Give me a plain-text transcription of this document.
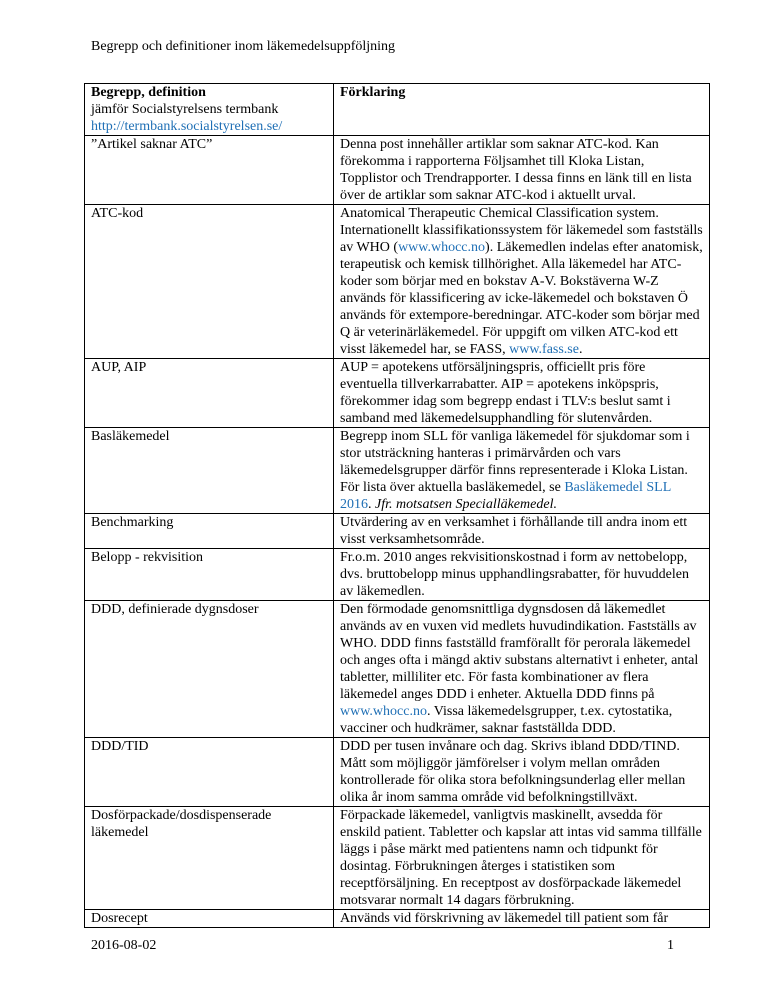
Begrepp och definitioner inom läkemedelsuppföljning
Begrepp, definition
jämför Socialstyrelsens termbank
http://termbank.socialstyrelsen.se/	Förklaring

”Artikel saknar ATC”	Denna post innehåller artiklar som saknar ATC-kod. Kan förekomma i rapporterna Följsamhet till Kloka Listan, Topplistor och Trendrapporter. I dessa finns en länk till en lista över de artiklar som saknar ATC-kod i aktuellt urval.
ATC-kod	Anatomical Therapeutic Chemical Classification system. Internationellt klassifikationssystem för läkemedel som fastställs av WHO (www.whocc.no). Läkemedlen indelas efter anatomisk, terapeutisk och kemisk tillhörighet. Alla läkemedel har ATC-koder som börjar med en bokstav A-V. Bokstäverna W-Z används för klassificering av icke-läkemedel och bokstaven Ö används för extempore-beredningar. ATC-koder som börjar med Q är veterinärläkemedel. För uppgift om vilken ATC-kod ett visst läkemedel har, se FASS, www.fass.se.
AUP, AIP	AUP = apotekens utförsäljningspris, officiellt pris före eventuella tillverkarrabatter. AIP = apotekens inköpspris, förekommer idag som begrepp endast i TLV:s beslut samt i samband med läkemedelsupphandling för slutenvården.
Basläkemedel	Begrepp inom SLL för vanliga läkemedel för sjukdomar som i stor utsträckning hanteras i primärvården och vars läkemedelsgrupper därför finns representerade i Kloka Listan. För lista över aktuella basläkemedel, se Basläkemedel SLL 2016. Jfr. motsatsen Specialläkemedel.
Benchmarking	Utvärdering av en verksamhet i förhållande till andra inom ett visst verksamhetsområde.
Belopp - rekvisition	Fr.o.m. 2010 anges rekvisitionskostnad i form av nettobelopp, dvs. bruttobelopp minus upphandlingsrabatter, för huvuddelen av läkemedlen.
DDD, definierade dygnsdoser	Den förmodade genomsnittliga dygnsdosen då läkemedlet används av en vuxen vid medlets huvudindikation. Fastställs av WHO. DDD finns fastställd framförallt för perorala läkemedel och anges ofta i mängd aktiv substans alternativt i enheter, antal tabletter, milliliter etc. För fasta kombinationer av flera läkemedel anges DDD i enheter. Aktuella DDD finns på www.whocc.no. Vissa läkemedelsgrupper, t.ex. cytostatika, vacciner och hudkrämer, saknar fastställda DDD.
DDD/TID	DDD per tusen invånare och dag. Skrivs ibland DDD/TIND. Mått som möjliggör jämförelser i volym mellan områden kontrollerade för olika stora befolkningsunderlag eller mellan olika år inom samma område vid befolkningstillväxt.
Dosförpackade/dosdispenserade läkemedel	Förpackade läkemedel, vanligtvis maskinellt, avsedda för enskild patient. Tabletter och kapslar att intas vid samma tillfälle läggs i påse märkt med patientens namn och tidpunkt för dosintag. Förbrukningen återges i statistiken som receptförsäljning. En receptpost av dosförpackade läkemedel motsvarar normalt 14 dagars förbrukning.
Dosrecept	Används vid förskrivning av läkemedel till patient som får
2016-08-02	1
